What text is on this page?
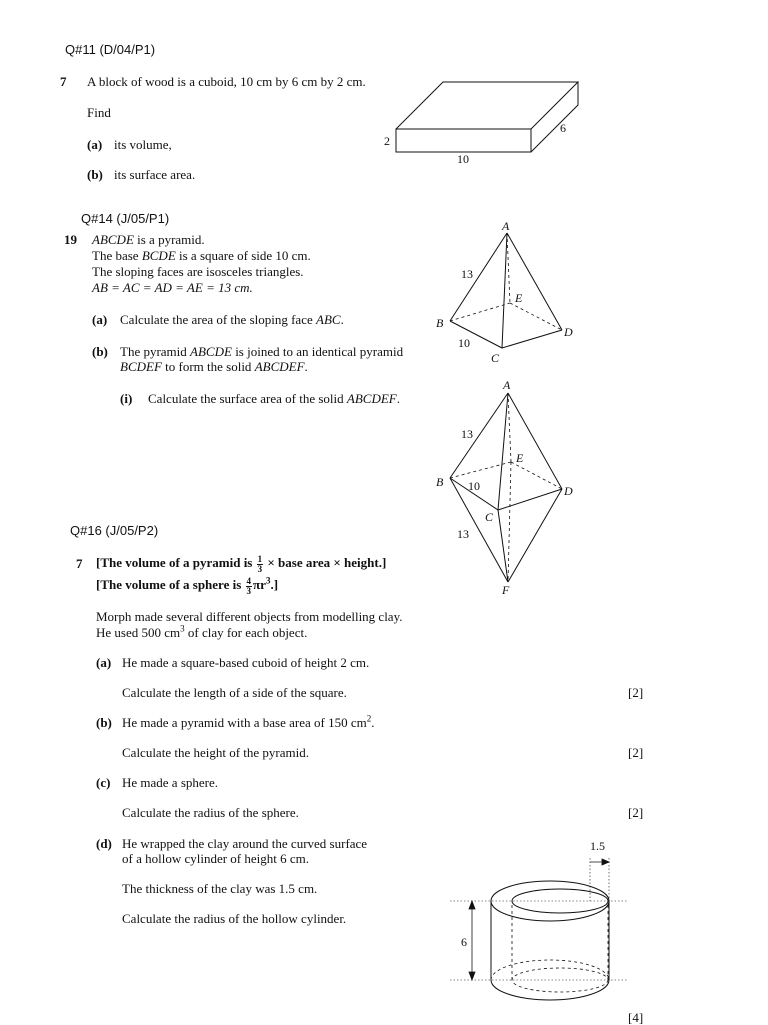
Q#11 (D/04/P1)
7 A block of wood is a cuboid, 10 cm by 6 cm by 2 cm.
Find
(a) its volume,
(b) its surface area.
2
6
10
Q#14 (J/05/P1)
19 ABCDE is a pyramid.
The base BCDE is a square of side 10 cm.
The sloping faces are isosceles triangles.
AB = AC = AD = AE = 13 cm.
(a) Calculate the area of the sloping face ABC.
(b) The pyramid ABCDE is joined to an identical pyramid
BCDEF to form the solid ABCDEF.
(i) Calculate the surface area of the solid ABCDEF.
A
B
C
D
E
13
10
A
B
C
D
E
F
13
10
13
Q#16 (J/05/P2)
7 [The volume of a pyramid is $\frac{1}{3}$ × base area × height.]
[The volume of a sphere is $\frac{4}{3} \pi r^3$.]
Morph made several different objects from modelling clay.
He used 500 $cm^3$ of clay for each object.
(a) He made a square-based cuboid of height 2 cm.
Calculate the length of a side of the square.	[2]
(b) He made a pyramid with a base area of 150 $cm^2$.
Calculate the height of the pyramid.	[2]
(c) He made a sphere.
Calculate the radius of the sphere.	[2]
(d) He wrapped the clay around the curved surface
of a hollow cylinder of height 6 cm.
The thickness of the clay was 1.5 cm.
Calculate the radius of the hollow cylinder.
[4]
1.5
6
